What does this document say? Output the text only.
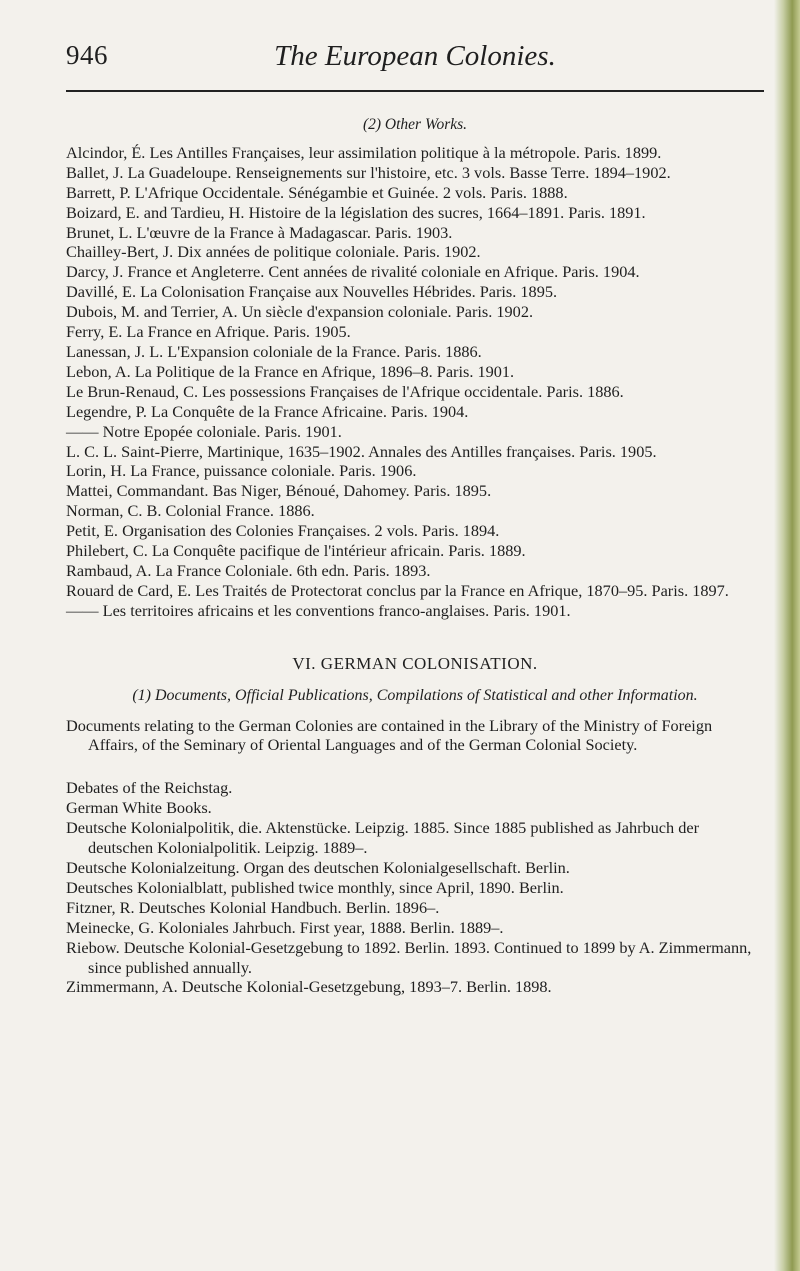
946	The European Colonies.
(2) Other Works.

Alcindor, É. Les Antilles Françaises, leur assimilation politique à la métropole. Paris. 1899.

Ballet, J. La Guadeloupe. Renseignements sur l'histoire, etc. 3 vols. Basse Terre. 1894–1902.

Barrett, P. L'Afrique Occidentale. Sénégambie et Guinée. 2 vols. Paris. 1888.

Boizard, E. and Tardieu, H. Histoire de la législation des sucres, 1664–1891. Paris. 1891.

Brunet, L. L'œuvre de la France à Madagascar. Paris. 1903.

Chailley-Bert, J. Dix années de politique coloniale. Paris. 1902.

Darcy, J. France et Angleterre. Cent années de rivalité coloniale en Afrique. Paris. 1904.

Davillé, E. La Colonisation Française aux Nouvelles Hébrides. Paris. 1895.

Dubois, M. and Terrier, A. Un siècle d'expansion coloniale. Paris. 1902.

Ferry, E. La France en Afrique. Paris. 1905.

Lanessan, J. L. L'Expansion coloniale de la France. Paris. 1886.

Lebon, A. La Politique de la France en Afrique, 1896–8. Paris. 1901.

Le Brun-Renaud, C. Les possessions Françaises de l'Afrique occidentale. Paris. 1886.

Legendre, P. La Conquête de la France Africaine. Paris. 1904.

—— Notre Epopée coloniale. Paris. 1901.

L. C. L. Saint-Pierre, Martinique, 1635–1902. Annales des Antilles françaises. Paris. 1905.

Lorin, H. La France, puissance coloniale. Paris. 1906.

Mattei, Commandant. Bas Niger, Bénoué, Dahomey. Paris. 1895.

Norman, C. B. Colonial France. 1886.

Petit, E. Organisation des Colonies Françaises. 2 vols. Paris. 1894.

Philebert, C. La Conquête pacifique de l'intérieur africain. Paris. 1889.

Rambaud, A. La France Coloniale. 6th edn. Paris. 1893.

Rouard de Card, E. Les Traités de Protectorat conclus par la France en Afrique, 1870–95. Paris. 1897.

—— Les territoires africains et les conventions franco-anglaises. Paris. 1901.

VI. GERMAN COLONISATION.
(1) Documents, Official Publications, Compilations of Statistical and other Information.

Documents relating to the German Colonies are contained in the Library of the Ministry of Foreign Affairs, of the Seminary of Oriental Languages and of the German Colonial Society.

Debates of the Reichstag.

German White Books.

Deutsche Kolonialpolitik, die. Aktenstücke. Leipzig. 1885. Since 1885 published as Jahrbuch der deutschen Kolonialpolitik. Leipzig. 1889–.

Deutsche Kolonialzeitung. Organ des deutschen Kolonialgesellschaft. Berlin.

Deutsches Kolonialblatt, published twice monthly, since April, 1890. Berlin.

Fitzner, R. Deutsches Kolonial Handbuch. Berlin. 1896–.

Meinecke, G. Koloniales Jahrbuch. First year, 1888. Berlin. 1889–.

Riebow. Deutsche Kolonial-Gesetzgebung to 1892. Berlin. 1893. Continued to 1899 by A. Zimmermann, since published annually.

Zimmermann, A. Deutsche Kolonial-Gesetzgebung, 1893–7. Berlin. 1898.
